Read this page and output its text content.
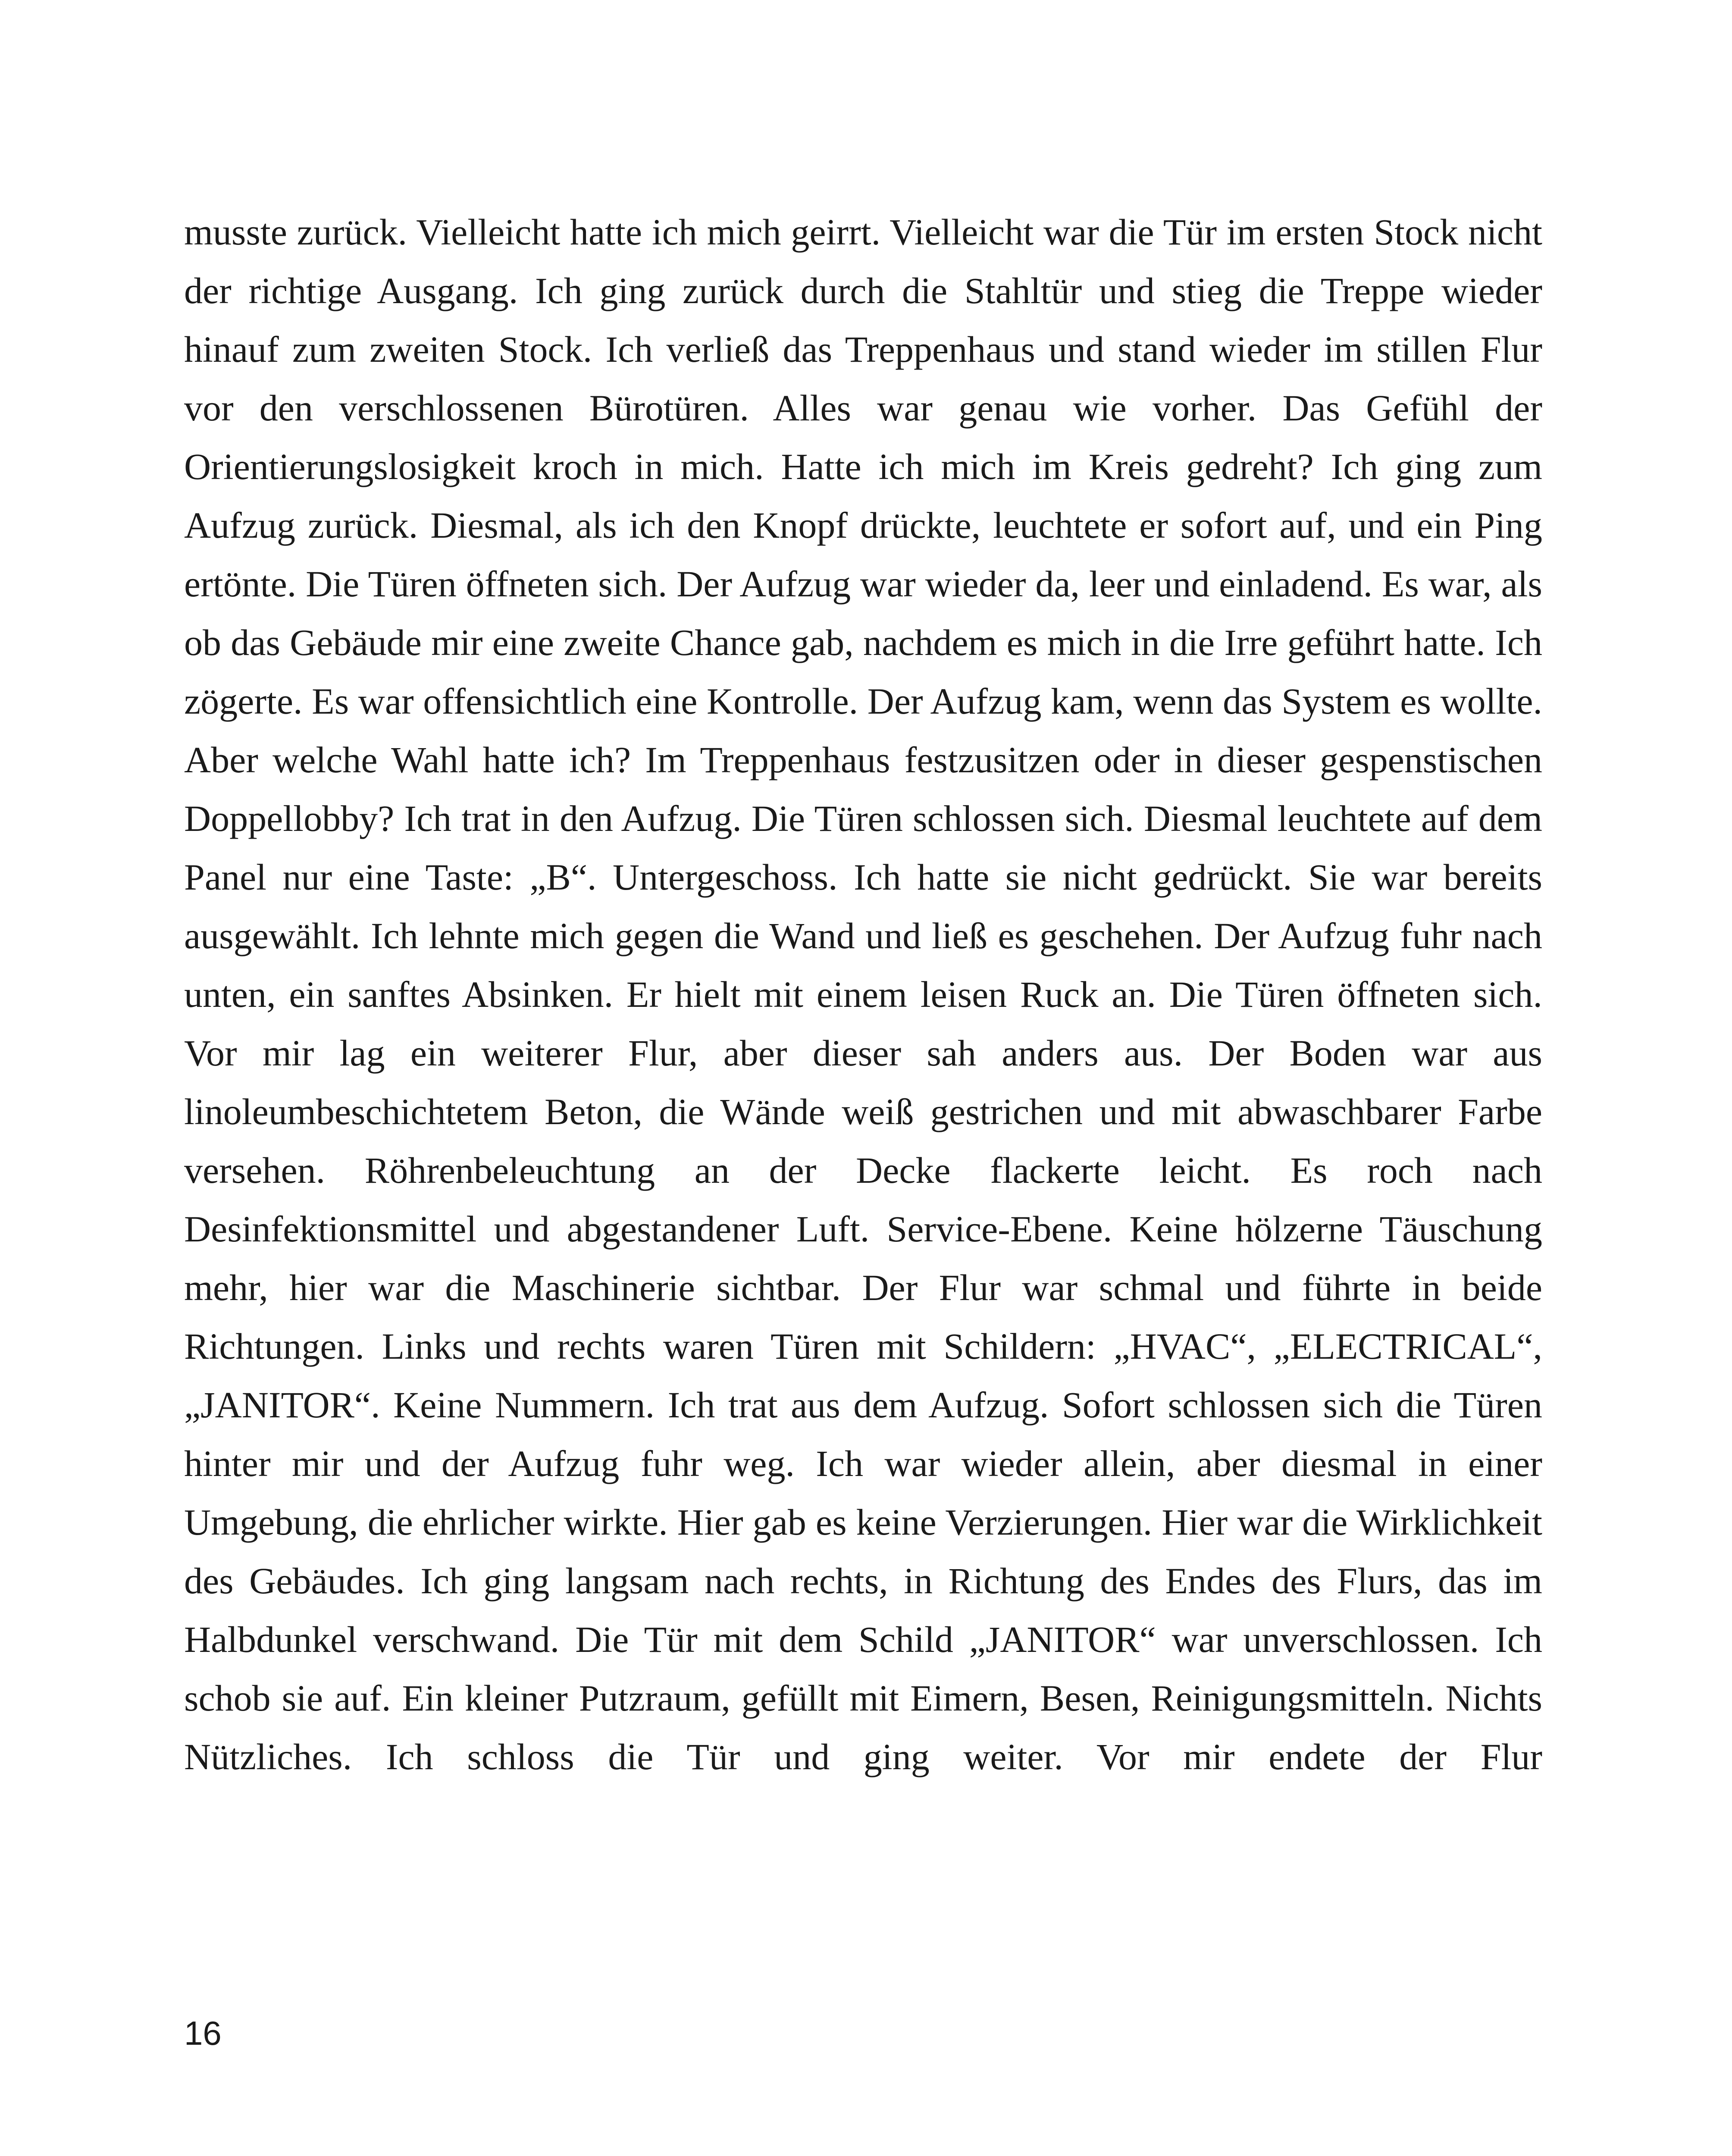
musste zurück. Vielleicht hatte ich mich geirrt. Vielleicht war die Tür im ersten Stock nicht der richtige Ausgang. Ich ging zurück durch die Stahltür und stieg die Treppe wieder hinauf zum zweiten Stock. Ich verließ das Treppenhaus und stand wieder im stillen Flur vor den verschlossenen Bürotüren. Alles war genau wie vorher. Das Gefühl der Orientierungslosigkeit kroch in mich. Hatte ich mich im Kreis gedreht? Ich ging zum Aufzug zurück. Diesmal, als ich den Knopf drückte, leuchtete er sofort auf, und ein Ping ertönte. Die Türen öffneten sich. Der Aufzug war wieder da, leer und einladend. Es war, als ob das Gebäude mir eine zweite Chance gab, nachdem es mich in die Irre geführt hatte. Ich zögerte. Es war offensichtlich eine Kontrolle. Der Aufzug kam, wenn das System es wollte. Aber welche Wahl hatte ich? Im Treppenhaus festzusitzen oder in dieser gespenstischen Doppellobby? Ich trat in den Aufzug. Die Türen schlossen sich. Diesmal leuchtete auf dem Panel nur eine Taste: „B“. Untergeschoss. Ich hatte sie nicht gedrückt. Sie war bereits ausgewählt. Ich lehnte mich gegen die Wand und ließ es geschehen. Der Aufzug fuhr nach unten, ein sanftes Absinken. Er hielt mit einem leisen Ruck an. Die Türen öffneten sich. Vor mir lag ein weiterer Flur, aber dieser sah anders aus. Der Boden war aus linoleumbeschichtetem Beton, die Wände weiß gestrichen und mit abwaschbarer Farbe versehen. Röhrenbeleuchtung an der Decke flackerte leicht. Es roch nach Desinfektionsmittel und abgestandener Luft. Service-Ebene. Keine hölzerne Täuschung mehr, hier war die Maschinerie sichtbar. Der Flur war schmal und führte in beide Richtungen. Links und rechts waren Türen mit Schildern: „HVAC“, „ELECTRICAL“, „JANITOR“. Keine Nummern. Ich trat aus dem Aufzug. Sofort schlossen sich die Türen hinter mir und der Aufzug fuhr weg. Ich war wieder allein, aber diesmal in einer Umgebung, die ehrlicher wirkte. Hier gab es keine Verzierungen. Hier war die Wirklichkeit des Gebäudes. Ich ging langsam nach rechts, in Richtung des Endes des Flurs, das im Halbdunkel verschwand. Die Tür mit dem Schild „JANITOR“ war unverschlossen. Ich schob sie auf. Ein kleiner Putzraum, gefüllt mit Eimern, Besen, Reinigungsmitteln. Nichts Nützliches. Ich schloss die Tür und ging weiter. Vor mir endete der Flur

16
